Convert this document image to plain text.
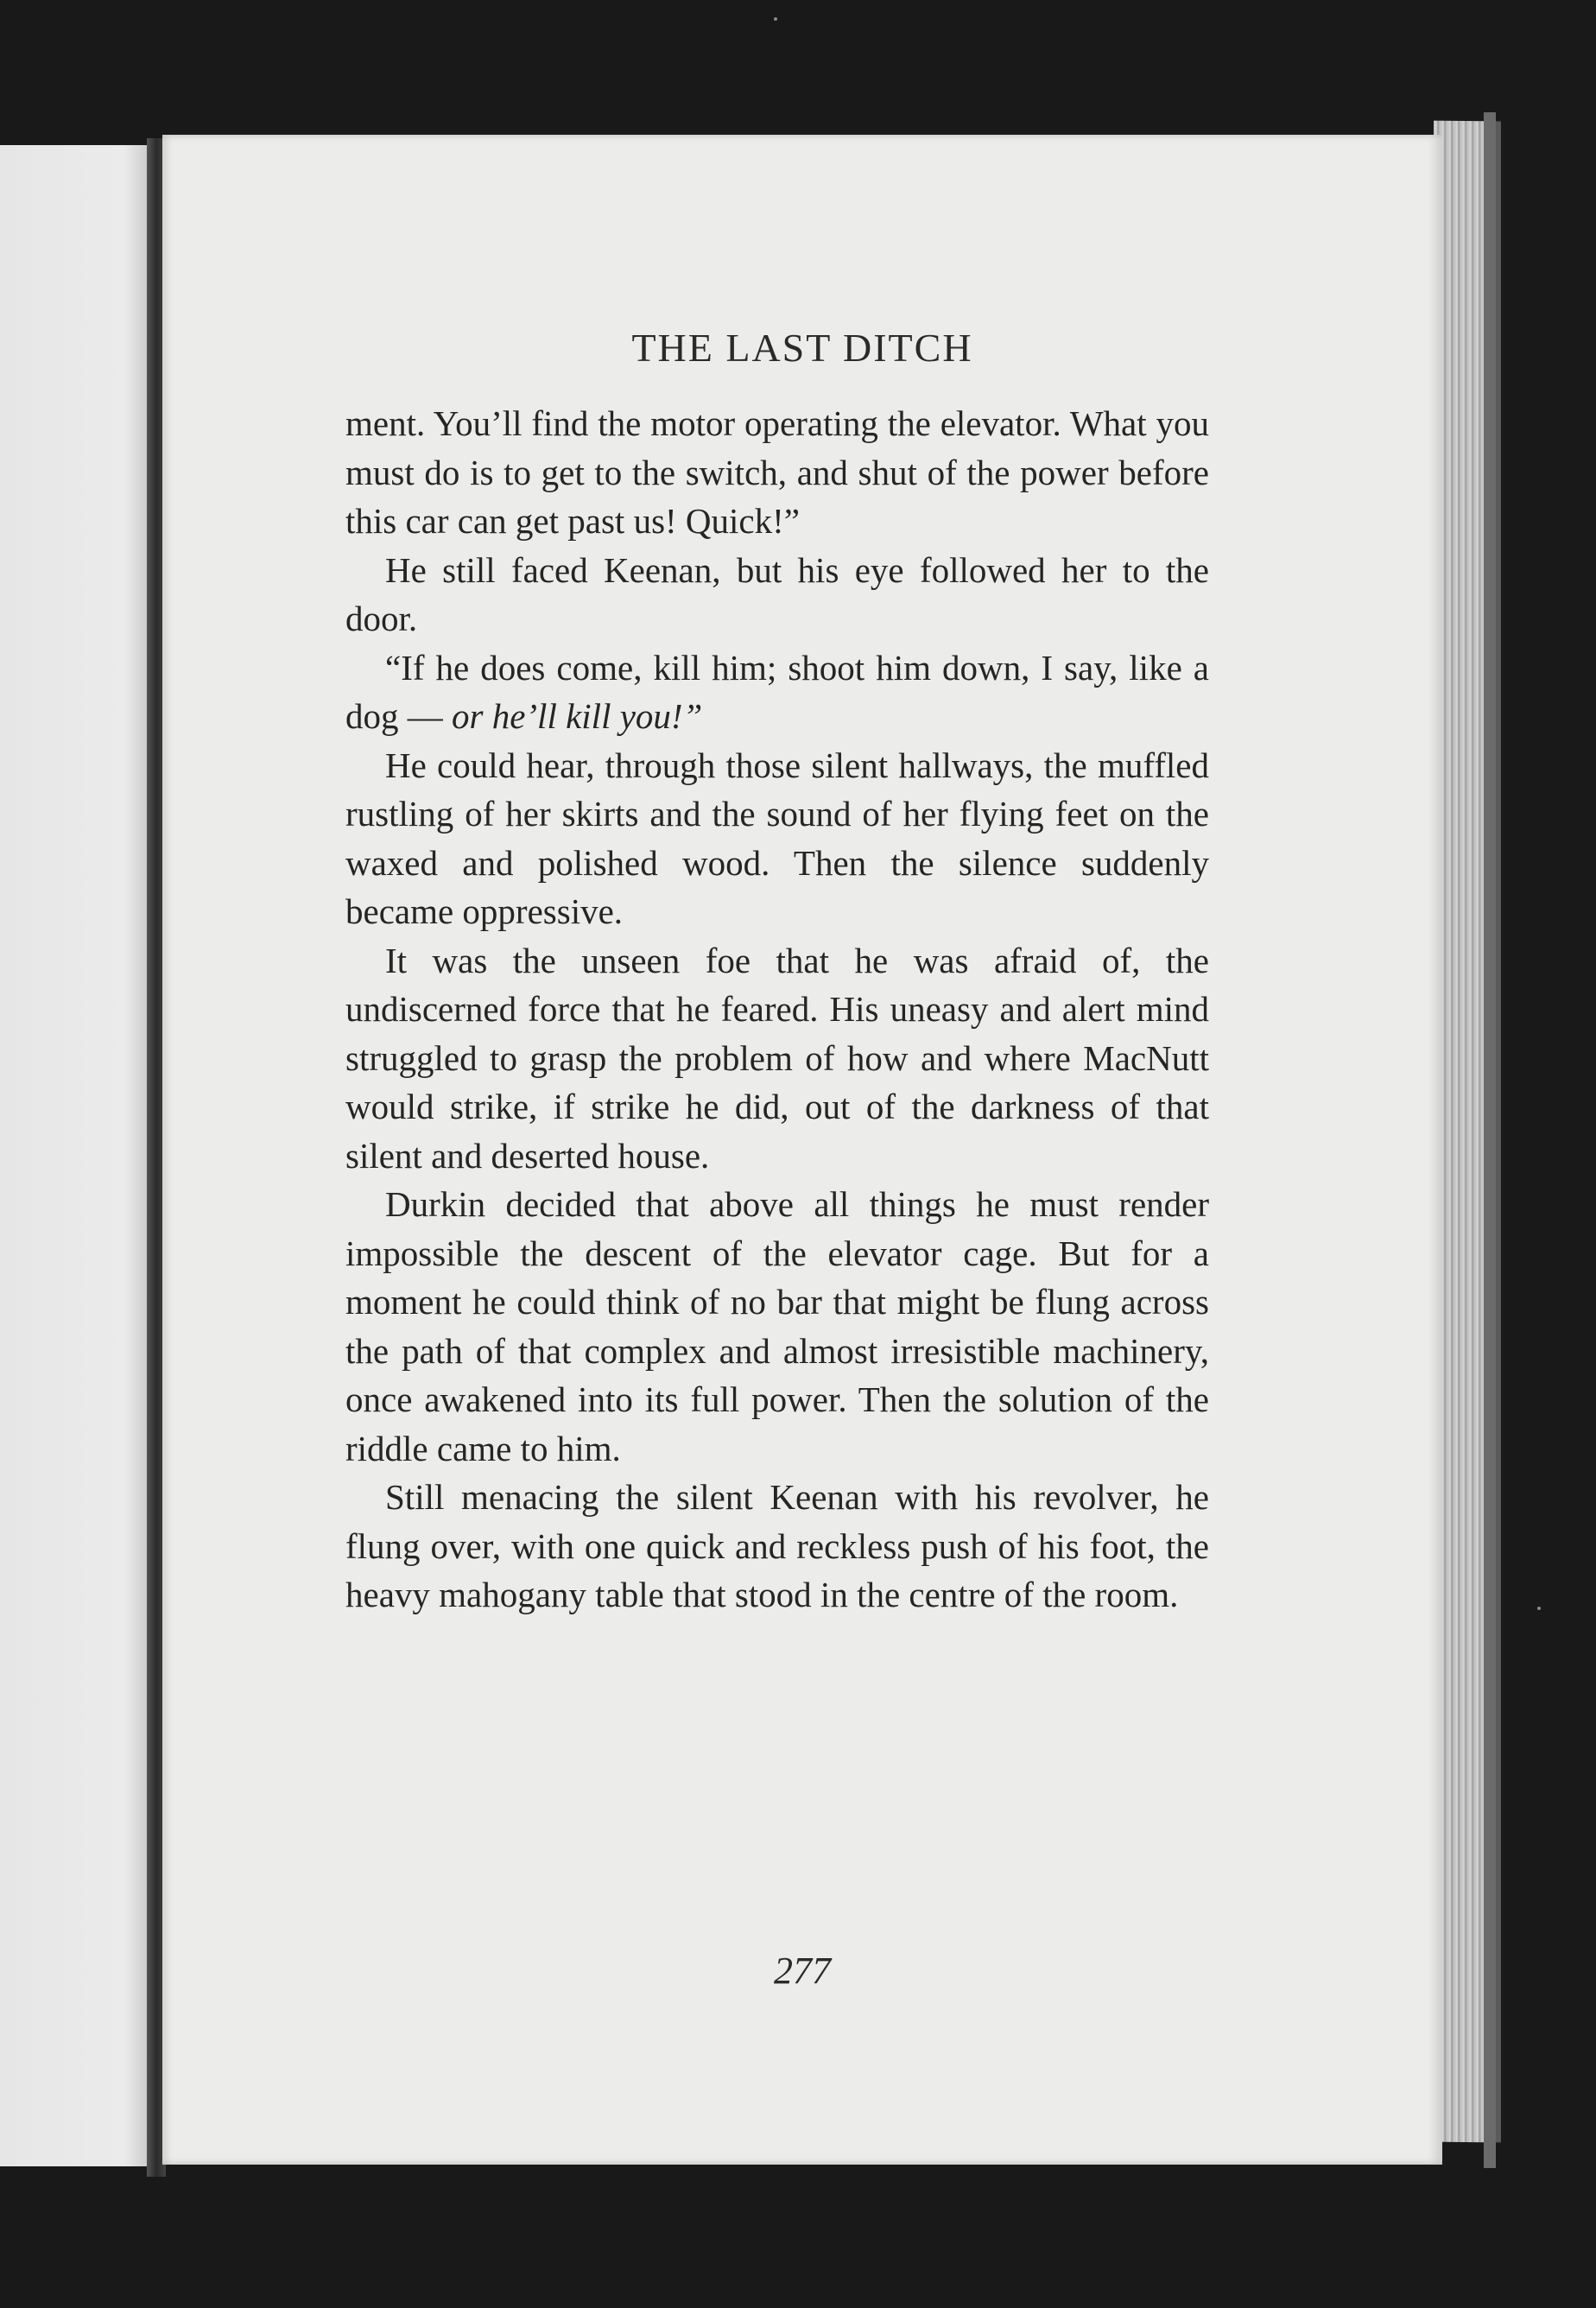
THE LAST DITCH

ment. You’ll find the motor operating the elevator. What you must do is to get to the switch, and shut of the power before this car can get past us! Quick!”

He still faced Keenan, but his eye followed her to the door.

“If he does come, kill him; shoot him down, I say, like a dog — or he’ll kill you!”

He could hear, through those silent hallways, the muffled rustling of her skirts and the sound of her flying feet on the waxed and polished wood. Then the silence suddenly became oppressive.

It was the unseen foe that he was afraid of, the undiscerned force that he feared. His uneasy and alert mind struggled to grasp the problem of how and where MacNutt would strike, if strike he did, out of the darkness of that silent and deserted house.

Durkin decided that above all things he must render impossible the descent of the elevator cage. But for a moment he could think of no bar that might be flung across the path of that complex and almost irresistible machinery, once awakened into its full power. Then the solution of the riddle came to him.

Still menacing the silent Keenan with his revolver, he flung over, with one quick and reckless push of his foot, the heavy mahogany table that stood in the centre of the room.

277
